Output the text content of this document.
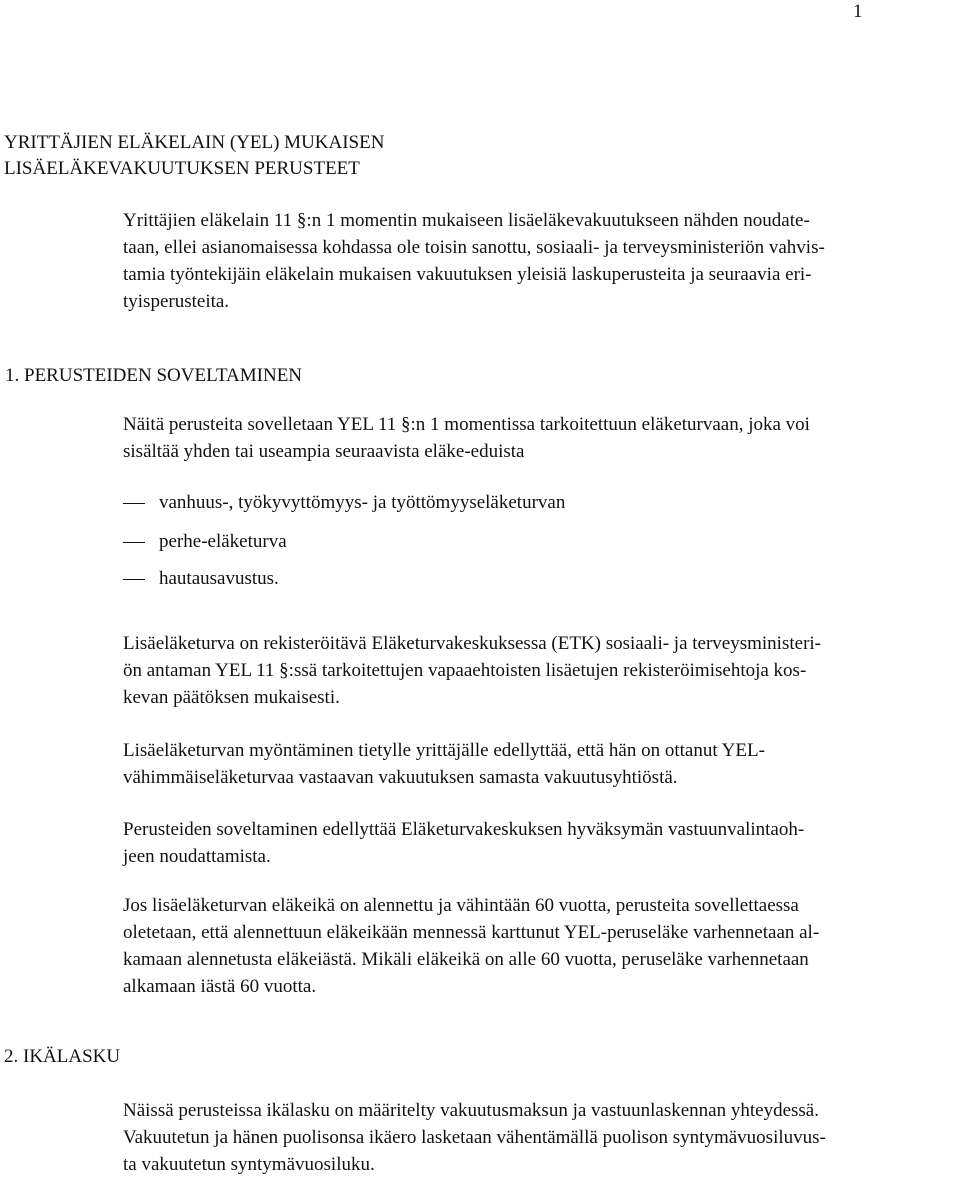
1
YRITTÄJIEN ELÄKELAIN (YEL) MUKAISEN
LISÄELÄKEVAKUUTUKSEN PERUSTEET
Yrittäjien eläkelain 11 §:n 1 momentin mukaiseen lisäeläkevakuutukseen nähden noudate-
taan, ellei asianomaisessa kohdassa ole toisin sanottu, sosiaali- ja terveysministeriön vahvis-
tamia työntekijäin eläkelain mukaisen vakuutuksen yleisiä laskuperusteita ja seuraavia eri-
tyisperusteita.
1. PERUSTEIDEN SOVELTAMINEN
Näitä perusteita sovelletaan YEL 11 §:n 1 momentissa tarkoitettuun eläketurvaan, joka voi
sisältää yhden tai useampia seuraavista eläke-eduista
vanhuus-, työkyvyttömyys- ja työttömyyseläketurvan
perhe-eläketurva
hautausavustus.
Lisäeläketurva on rekisteröitävä Eläketurvakeskuksessa (ETK) sosiaali- ja terveysministeri-
ön antaman YEL 11 §:ssä tarkoitettujen vapaaehtoisten lisäetujen rekisteröimisehtoja kos-
kevan päätöksen mukaisesti.
Lisäeläketurvan myöntäminen tietylle yrittäjälle edellyttää, että hän on ottanut YEL-
vähimmäiseläketurvaa vastaavan vakuutuksen samasta vakuutusyhtiöstä.
Perusteiden soveltaminen edellyttää Eläketurvakeskuksen hyväksymän vastuunvalintaoh-
jeen noudattamista.
Jos lisäeläketurvan eläkeikä on alennettu ja vähintään 60 vuotta, perusteita sovellettaessa
oletetaan, että alennettuun eläkeikään mennessä karttunut YEL-peruseläke varhennetaan al-
kamaan alennetusta eläkeiästä. Mikäli eläkeikä on alle 60 vuotta, peruseläke varhennetaan
alkamaan iästä 60 vuotta.
2. IKÄLASKU
Näissä perusteissa ikälasku on määritelty vakuutusmaksun ja vastuunlaskennan yhteydessä.
Vakuutetun ja hänen puolisonsa ikäero lasketaan vähentämällä puolison syntymävuosiluvus-
ta vakuutetun syntymävuosiluku.
